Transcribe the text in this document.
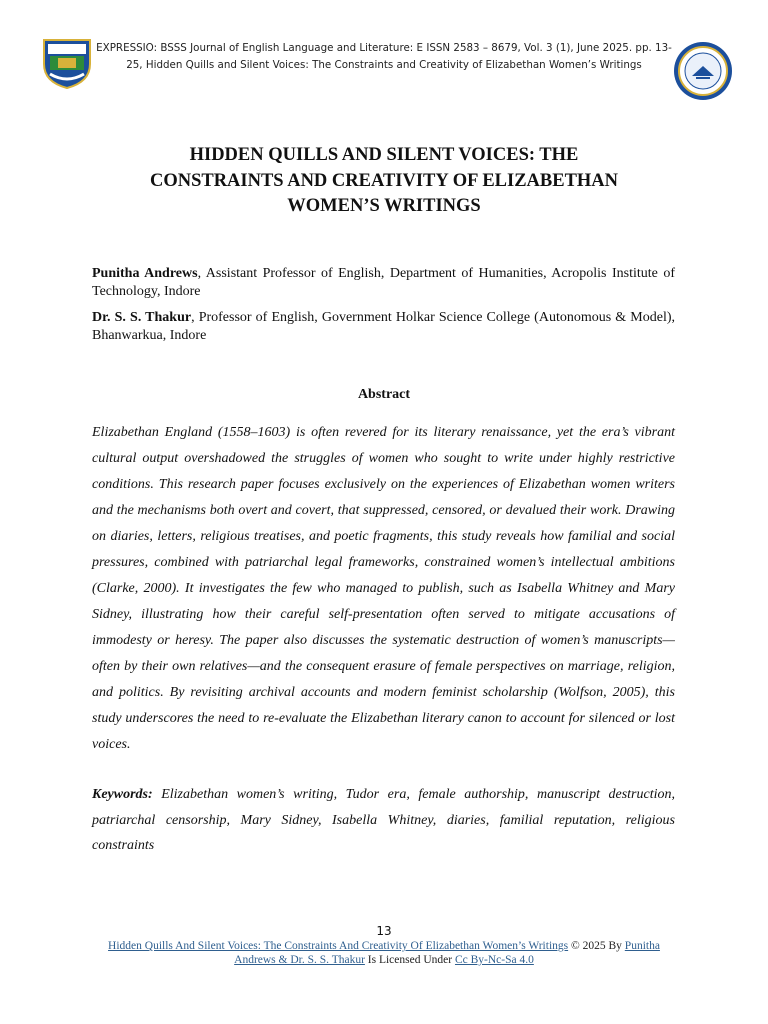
EXPRESSIO: BSSS Journal of English Language and Literature: E ISSN 2583 – 8679, Vol. 3 (1), June 2025. pp. 13-
25, Hidden Quills and Silent Voices: The Constraints and Creativity of Elizabethan Women’s Writings
HIDDEN QUILLS AND SILENT VOICES: THE
CONSTRAINTS AND CREATIVITY OF ELIZABETHAN
WOMEN’S WRITINGS

Punitha Andrews, Assistant Professor of English, Department of Humanities, Acropolis Institute of Technology, Indore

Dr. S. S. Thakur, Professor of English, Government Holkar Science College (Autonomous & Model), Bhanwarkua, Indore

Abstract

Elizabethan England (1558–1603) is often revered for its literary renaissance, yet the era’s vibrant cultural output overshadowed the struggles of women who sought to write under highly restrictive conditions. This research paper focuses exclusively on the experiences of Elizabethan women writers and the mechanisms both overt and covert, that suppressed, censored, or devalued their work. Drawing on diaries, letters, religious treatises, and poetic fragments, this study reveals how familial and social pressures, combined with patriarchal legal frameworks, constrained women’s intellectual ambitions (Clarke, 2000). It investigates the few who managed to publish, such as Isabella Whitney and Mary Sidney, illustrating how their careful self-presentation often served to mitigate accusations of immodesty or heresy. The paper also discusses the systematic destruction of women’s manuscripts—often by their own relatives—and the consequent erasure of female perspectives on marriage, religion, and politics. By revisiting archival accounts and modern feminist scholarship (Wolfson, 2005), this study underscores the need to re-evaluate the Elizabethan literary canon to account for silenced or lost voices.

Keywords: Elizabethan women’s writing, Tudor era, female authorship, manuscript destruction, patriarchal censorship, Mary Sidney, Isabella Whitney, diaries, familial reputation, religious constraints

13
Hidden Quills And Silent Voices: The Constraints And Creativity Of Elizabethan Women’s Writings © 2025 By Punitha Andrews & Dr. S. S. Thakur Is Licensed Under Cc By-Nc-Sa 4.0
